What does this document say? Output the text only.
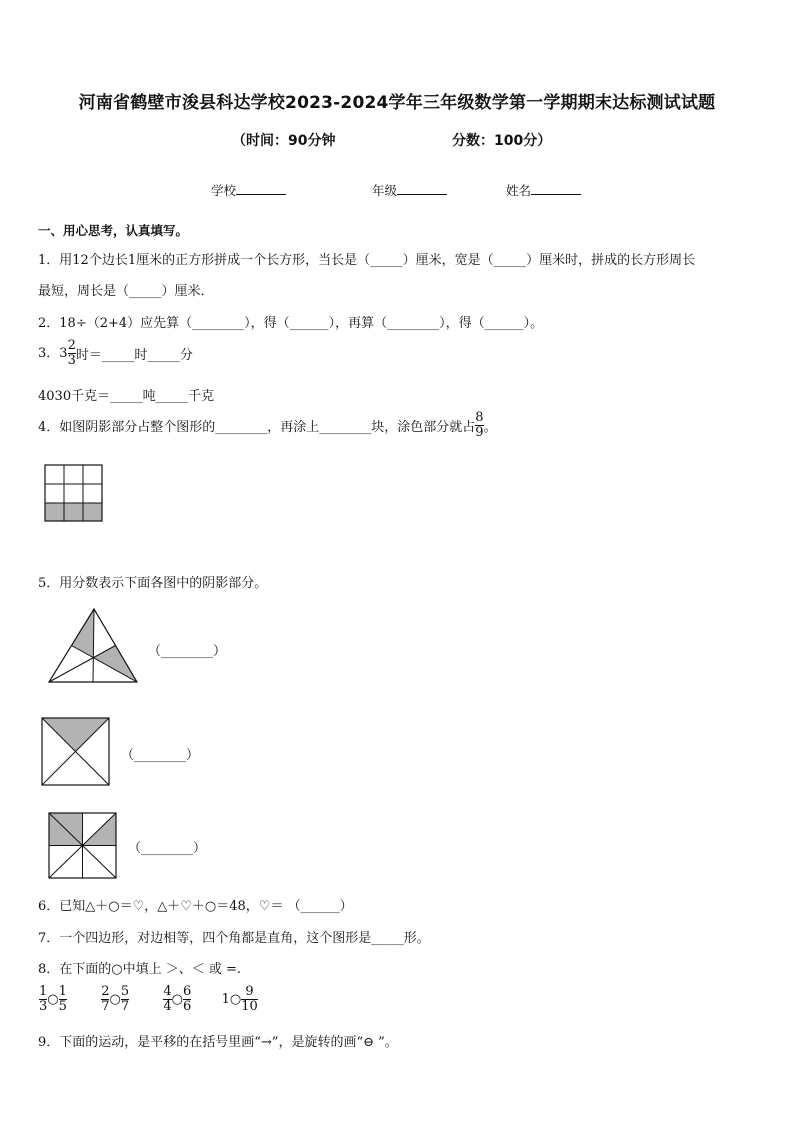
河南省鹤壁市浚县科达学校2023-2024学年三年级数学第一学期期末达标测试试题
（时间：90分钟	分数：100分）
学校	年级	姓名
一、用心思考，认真填写。
1．用12个边长1厘米的正方形拼成一个长方形，当长是（_____）厘米，宽是（_____）厘米时，拼成的长方形周长
最短，周长是（_____）厘米．
2．18÷（2+4）应先算（________），得（______），再算（________），得（______）。
3．$3 \frac{2}{3}$ 时＝_____时_____分
4030千克＝_____吨_____千克
4．如图阴影部分占整个图形的________，再涂上________块，涂色部分就占 $\frac{8}{9}$ 。
5．用分数表示下面各图中的阴影部分。
（________）
（________）
（________）
6．已知△＋○＝♡，△＋♡＋○＝48，♡＝ （______）
7．一个四边形，对边相等，四个角都是直角，这个图形是_____形。
8．在下面的○中填上 ＞、＜ 或 =.
$\frac{1}{3}$ ○ $\frac{1}{5}$
	$\frac{2}{7}$ ○ $\frac{5}{7}$
	$\frac{4}{4}$ ○ $\frac{6}{6}$ 1○ $\frac{9}{10}$
9．下面的运动，是平移的在括号里画“→”，是旋转的画“⊖ ”。
